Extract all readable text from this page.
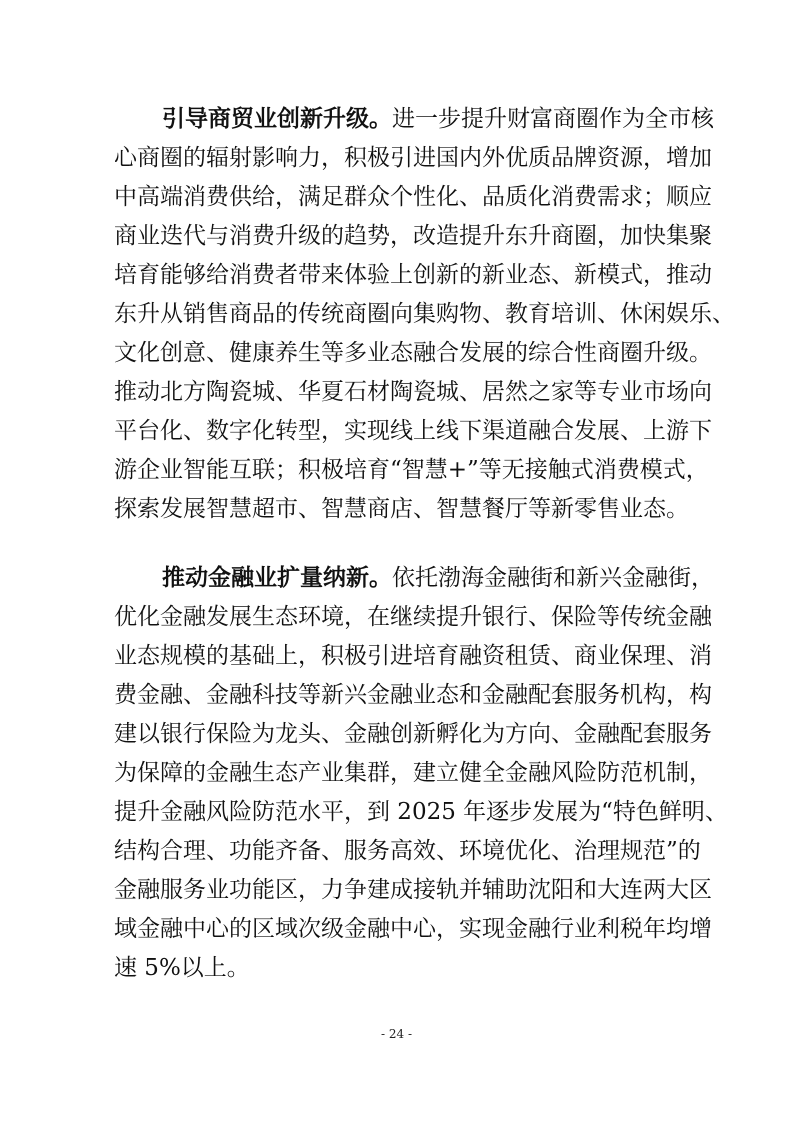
引导商贸业创新升级。进一步提升财富商圈作为全市核
心商圈的辐射影响力，积极引进国内外优质品牌资源，增加
中高端消费供给，满足群众个性化、品质化消费需求；顺应
商业迭代与消费升级的趋势，改造提升东升商圈，加快集聚
培育能够给消费者带来体验上创新的新业态、新模式，推动
东升从销售商品的传统商圈向集购物、教育培训、休闲娱乐、
文化创意、健康养生等多业态融合发展的综合性商圈升级。
推动北方陶瓷城、华夏石材陶瓷城、居然之家等专业市场向
平台化、数字化转型，实现线上线下渠道融合发展、上游下
游企业智能互联；积极培育“智慧+”等无接触式消费模式，
探索发展智慧超市、智慧商店、智慧餐厅等新零售业态。
推动金融业扩量纳新。依托渤海金融街和新兴金融街，
优化金融发展生态环境，在继续提升银行、保险等传统金融
业态规模的基础上，积极引进培育融资租赁、商业保理、消
费金融、金融科技等新兴金融业态和金融配套服务机构，构
建以银行保险为龙头、金融创新孵化为方向、金融配套服务
为保障的金融生态产业集群，建立健全金融风险防范机制，
提升金融风险防范水平，到 2025 年逐步发展为“特色鲜明、
结构合理、功能齐备、服务高效、环境优化、治理规范”的
金融服务业功能区，力争建成接轨并辅助沈阳和大连两大区
域金融中心的区域次级金融中心，实现金融行业利税年均增
速 5%以上。
- 24 -
